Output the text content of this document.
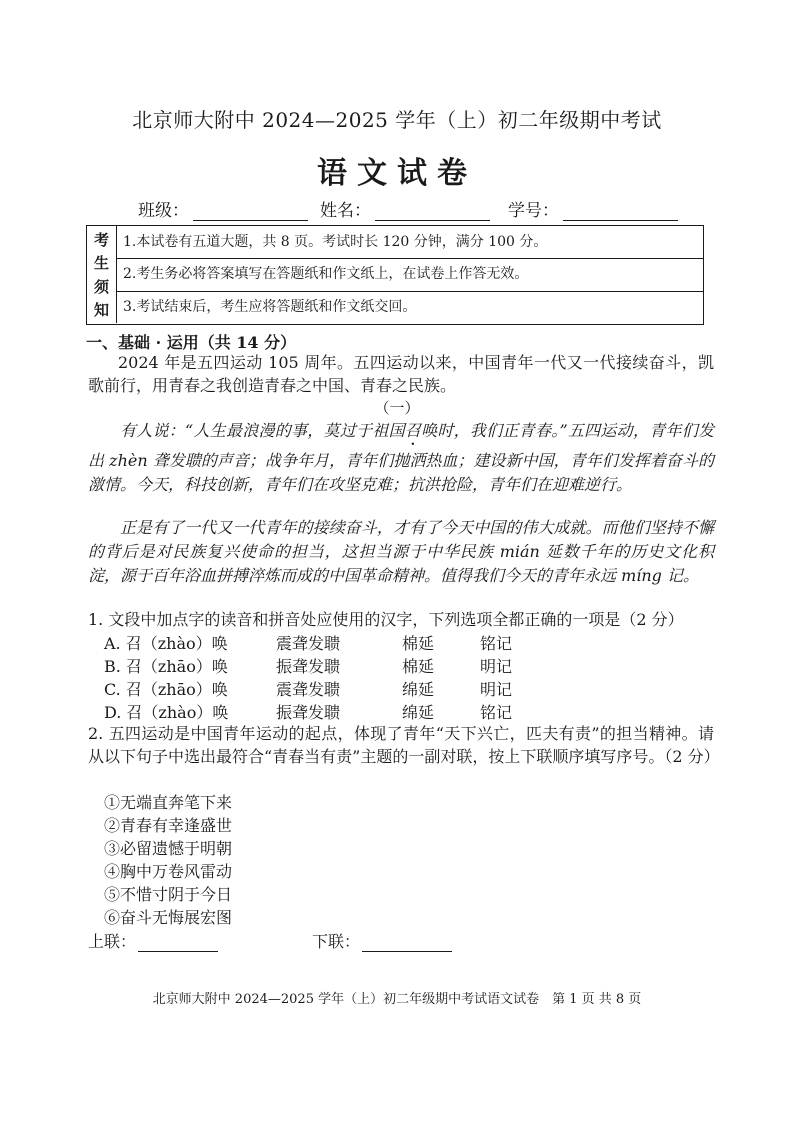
北京师大附中 2024—2025 学年（上）初二年级期中考试
语文试卷
班级：	姓名：	学号：
考
生
须
知
1.本试卷有五道大题，共 8 页。考试时长 120 分钟，满分 100 分。
2.考生务必将答案填写在答题纸和作文纸上，在试卷上作答无效。
3.考试结束后，考生应将答题纸和作文纸交回。
一、基础 · 运用（共 14 分）
2024 年是五四运动 105 周年。五四运动以来，中国青年一代又一代接续奋斗，凯歌前行，用青春之我创造青春之中国、青春之民族。
（一）
有人说：“人生最浪漫的事，莫过于祖国召唤时，我们正青春。”五四运动，青年们发出 zhèn 聋发聩的声音；战争年月，青年们抛洒热血；建设新中国，青年们发挥着奋斗的激情。今天，科技创新，青年们在攻坚克难；抗洪抢险，青年们在迎难逆行。
正是有了一代又一代青年的接续奋斗，才有了今天中国的伟大成就。而他们坚持不懈的背后是对民族复兴使命的担当，这担当源于中华民族 mián 延数千年的历史文化积淀，源于百年浴血拼搏淬炼而成的中国革命精神。值得我们今天的青年永远 míng 记。
1. 文段中加点字的读音和拼音处应使用的汉字，下列选项全都正确的一项是（2 分）
A. 召（zhào）唤	震聋发聩	棉延	铭记
B. 召（zhāo）唤	振聋发聩	棉延	明记
C. 召（zhāo）唤	震聋发聩	绵延	明记
D. 召（zhào）唤	振聋发聩	绵延	铭记
2. 五四运动是中国青年运动的起点，体现了青年“天下兴亡，匹夫有责”的担当精神。请从以下句子中选出最符合“青春当有责”主题的一副对联，按上下联顺序填写序号。（2 分）
①无端直奔笔下来
②青春有幸逢盛世
③必留遗憾于明朝
④胸中万卷风雷动
⑤不惜寸阴于今日
⑥奋斗无悔展宏图
上联：	下联：
北京师大附中 2024—2025 学年（上）初二年级期中考试语文试卷　第 1 页 共 8 页
